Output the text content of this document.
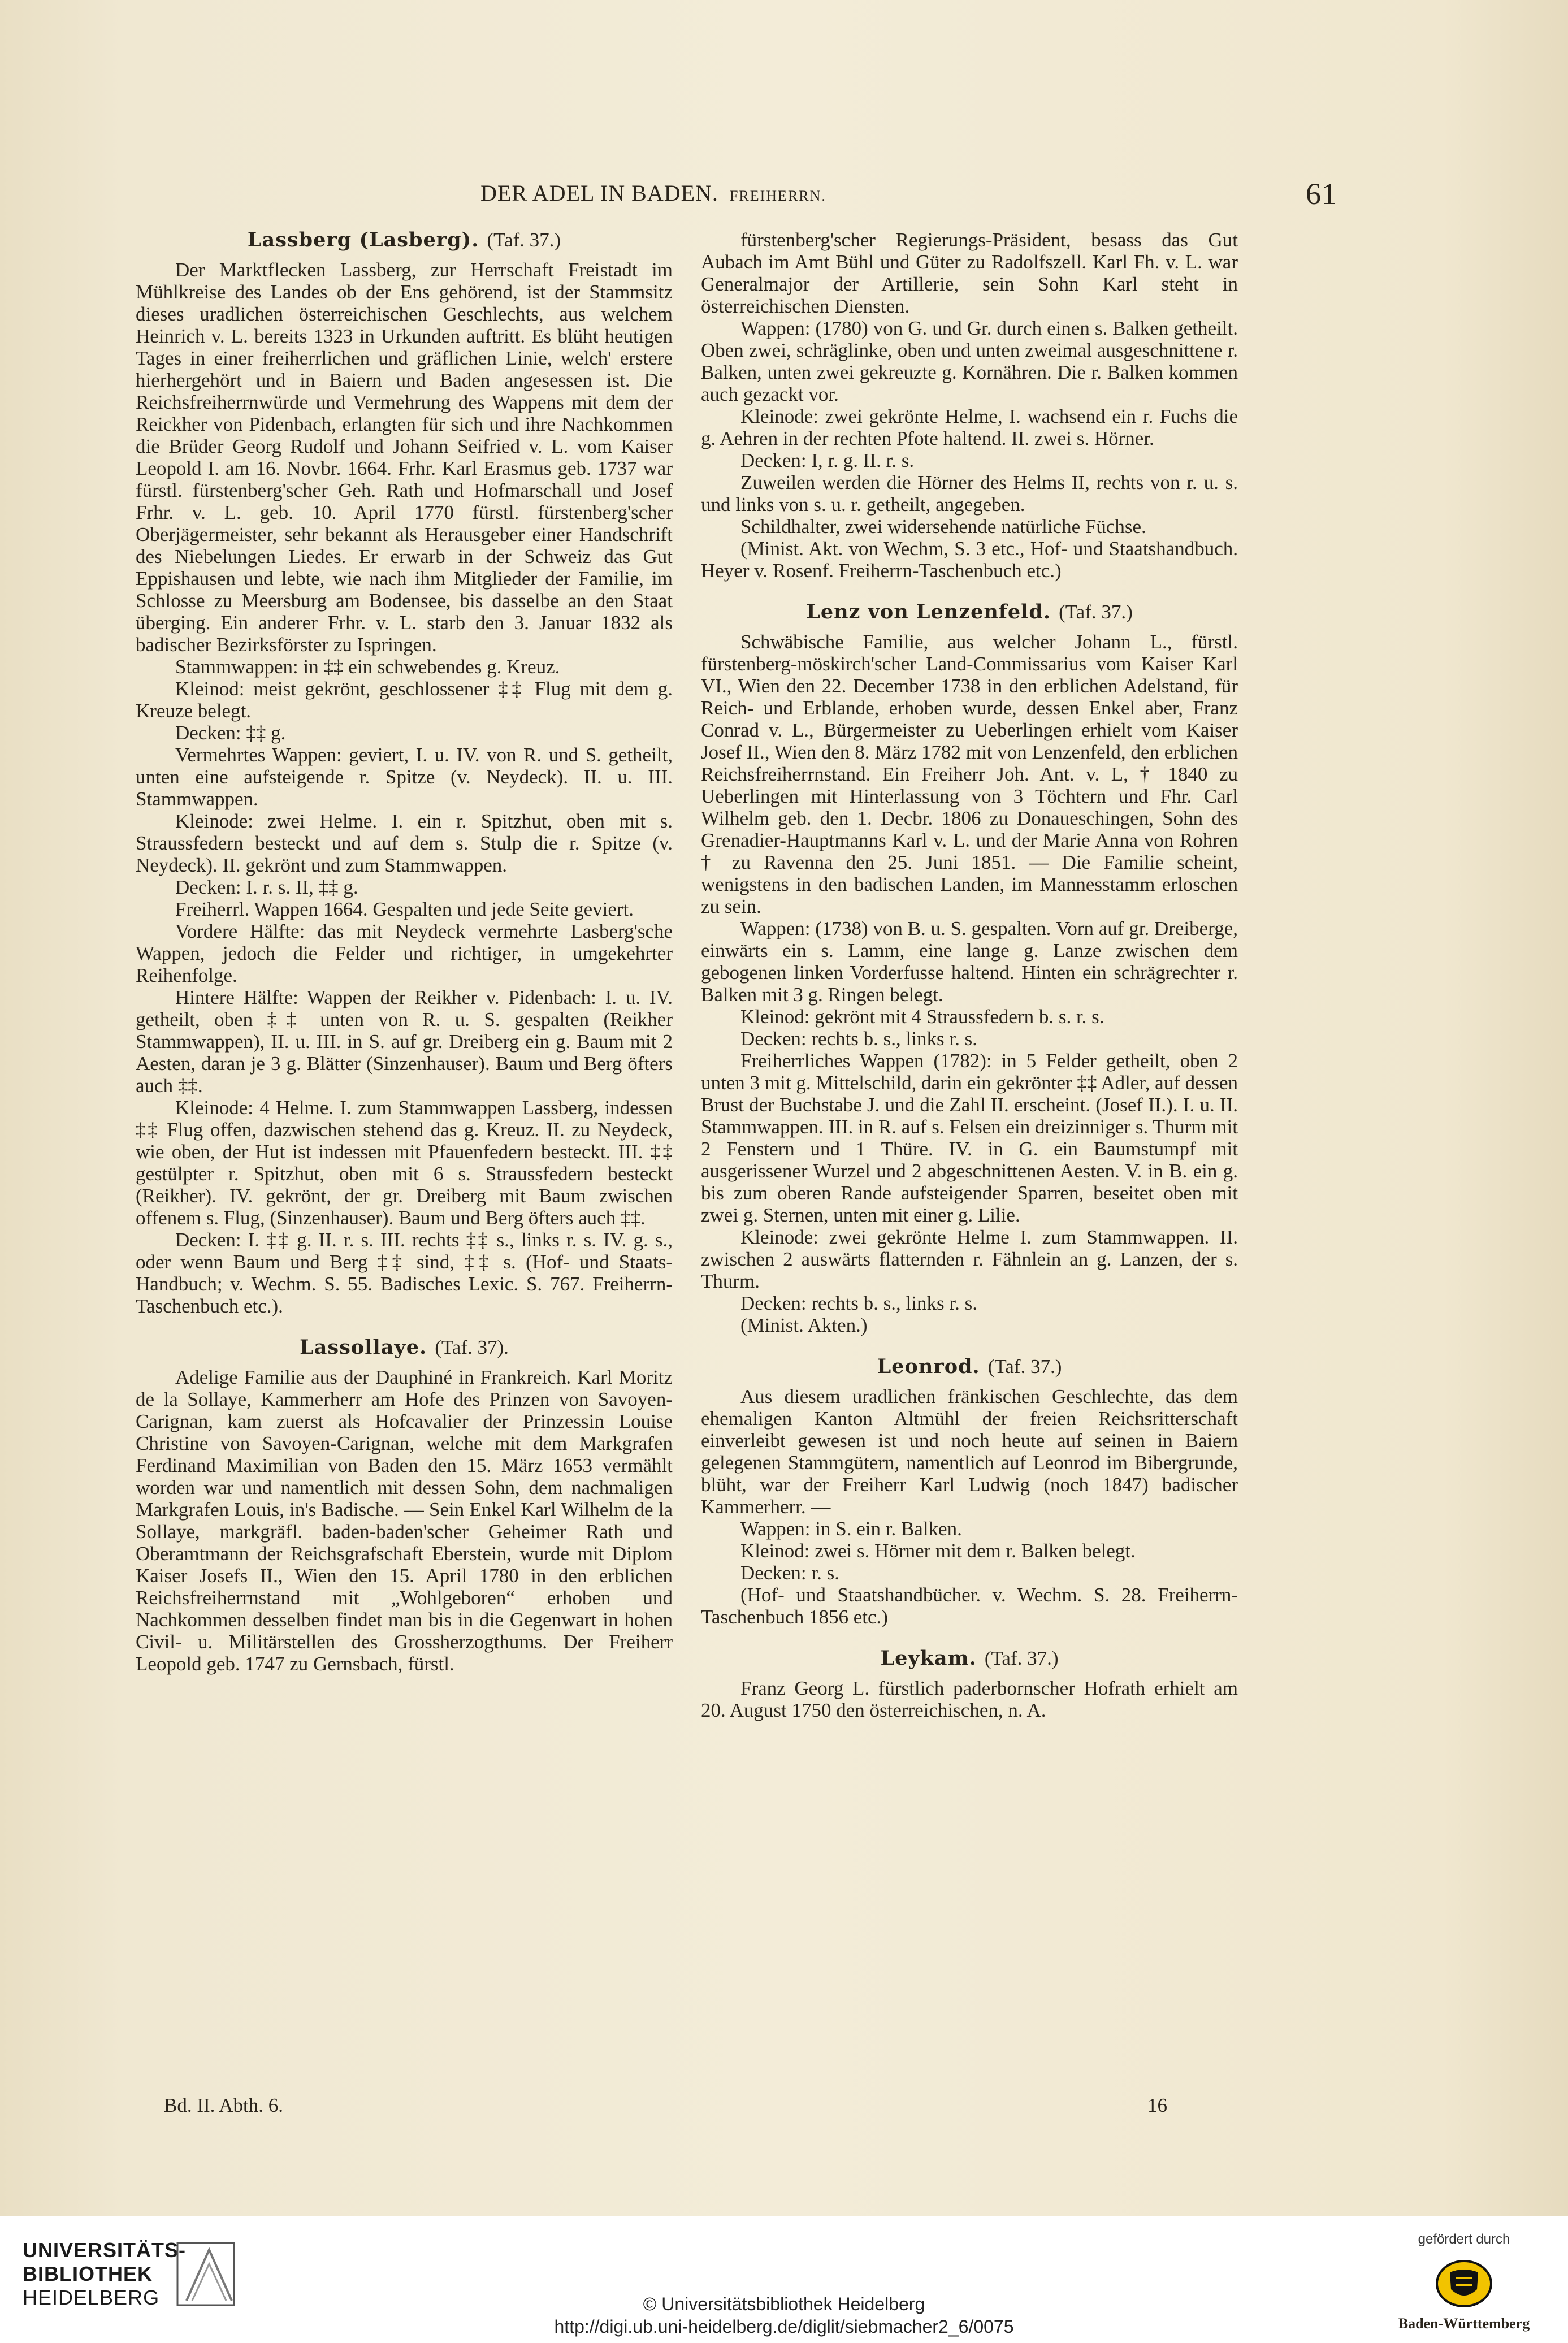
DER ADEL IN BADEN. FREIHERRN.	61
Lassberg (Lasberg). (Taf. 37.)

Der Marktflecken Lassberg, zur Herrschaft Freistadt im Mühlkreise des Landes ob der Ens gehörend, ist der Stammsitz dieses uradlichen österreichischen Geschlechts, aus welchem Heinrich v. L. bereits 1323 in Urkunden auftritt. Es blüht heutigen Tages in einer freiherrlichen und gräflichen Linie, welch' erstere hierhergehört und in Baiern und Baden angesessen ist. Die Reichsfreiherrnwürde und Vermehrung des Wappens mit dem der Reickher von Pidenbach, erlangten für sich und ihre Nachkommen die Brüder Georg Rudolf und Johann Seifried v. L. vom Kaiser Leopold I. am 16. Novbr. 1664. Frhr. Karl Erasmus geb. 1737 war fürstl. fürstenberg'scher Geh. Rath und Hofmarschall und Josef Frhr. v. L. geb. 10. April 1770 fürstl. fürstenberg'scher Oberjägermeister, sehr bekannt als Herausgeber einer Handschrift des Niebelungen Liedes. Er erwarb in der Schweiz das Gut Eppishausen und lebte, wie nach ihm Mitglieder der Familie, im Schlosse zu Meersburg am Bodensee, bis dasselbe an den Staat überging. Ein anderer Frhr. v. L. starb den 3. Januar 1832 als badischer Bezirksförster zu Ispringen.

Stammwappen: in ‡‡ ein schwebendes g. Kreuz.

Kleinod: meist gekrönt, geschlossener ‡‡ Flug mit dem g. Kreuze belegt.

Decken: ‡‡ g.

Vermehrtes Wappen: geviert, I. u. IV. von R. und S. getheilt, unten eine aufsteigende r. Spitze (v. Neydeck). II. u. III. Stammwappen.

Kleinode: zwei Helme. I. ein r. Spitzhut, oben mit s. Straussfedern besteckt und auf dem s. Stulp die r. Spitze (v. Neydeck). II. gekrönt und zum Stammwappen.

Decken: I. r. s. II, ‡‡ g.

Freiherrl. Wappen 1664. Gespalten und jede Seite geviert.

Vordere Hälfte: das mit Neydeck vermehrte Lasberg'sche Wappen, jedoch die Felder und richtiger, in umgekehrter Reihenfolge.

Hintere Hälfte: Wappen der Reikher v. Pidenbach: I. u. IV. getheilt, oben ‡‡ unten von R. u. S. gespalten (Reikher Stammwappen), II. u. III. in S. auf gr. Dreiberg ein g. Baum mit 2 Aesten, daran je 3 g. Blätter (Sinzenhauser). Baum und Berg öfters auch ‡‡.

Kleinode: 4 Helme. I. zum Stammwappen Lassberg, indessen ‡‡ Flug offen, dazwischen stehend das g. Kreuz. II. zu Neydeck, wie oben, der Hut ist indessen mit Pfauenfedern besteckt. III. ‡‡ gestülpter r. Spitzhut, oben mit 6 s. Straussfedern besteckt (Reikher). IV. gekrönt, der gr. Dreiberg mit Baum zwischen offenem s. Flug, (Sinzenhauser). Baum und Berg öfters auch ‡‡.

Decken: I. ‡‡ g. II. r. s. III. rechts ‡‡ s., links r. s. IV. g. s., oder wenn Baum und Berg ‡‡ sind, ‡‡ s. (Hof- und Staats-Handbuch; v. Wechm. S. 55. Badisches Lexic. S. 767. Freiherrn-Taschenbuch etc.).

Lassollaye. (Taf. 37).

Adelige Familie aus der Dauphiné in Frankreich. Karl Moritz de la Sollaye, Kammerherr am Hofe des Prinzen von Savoyen-Carignan, kam zuerst als Hofcavalier der Prinzessin Louise Christine von Savoyen-Carignan, welche mit dem Markgrafen Ferdinand Maximilian von Baden den 15. März 1653 vermählt worden war und namentlich mit dessen Sohn, dem nachmaligen Markgrafen Louis, in's Badische. — Sein Enkel Karl Wilhelm de la Sollaye, markgräfl. baden-baden'scher Geheimer Rath und Oberamtmann der Reichsgrafschaft Eberstein, wurde mit Diplom Kaiser Josefs II., Wien den 15. April 1780 in den erblichen Reichsfreiherrnstand mit „Wohlgeboren“ erhoben und Nachkommen desselben findet man bis in die Gegenwart in hohen Civil- u. Militärstellen des Grossherzogthums. Der Freiherr Leopold geb. 1747 zu Gernsbach, fürstl.

fürstenberg'scher Regierungs-Präsident, besass das Gut Aubach im Amt Bühl und Güter zu Radolfszell. Karl Fh. v. L. war Generalmajor der Artillerie, sein Sohn Karl steht in österreichischen Diensten.

Wappen: (1780) von G. und Gr. durch einen s. Balken getheilt. Oben zwei, schräglinke, oben und unten zweimal ausgeschnittene r. Balken, unten zwei gekreuzte g. Kornähren. Die r. Balken kommen auch gezackt vor.

Kleinode: zwei gekrönte Helme, I. wachsend ein r. Fuchs die g. Aehren in der rechten Pfote haltend. II. zwei s. Hörner.

Decken: I, r. g. II. r. s.

Zuweilen werden die Hörner des Helms II, rechts von r. u. s. und links von s. u. r. getheilt, angegeben.

Schildhalter, zwei widersehende natürliche Füchse.

(Minist. Akt. von Wechm, S. 3 etc., Hof- und Staatshandbuch. Heyer v. Rosenf. Freiherrn-Taschenbuch etc.)

Lenz von Lenzenfeld. (Taf. 37.)

Schwäbische Familie, aus welcher Johann L., fürstl. fürstenberg-möskirch'scher Land-Commissarius vom Kaiser Karl VI., Wien den 22. December 1738 in den erblichen Adelstand, für Reich- und Erblande, erhoben wurde, dessen Enkel aber, Franz Conrad v. L., Bürgermeister zu Ueberlingen erhielt vom Kaiser Josef II., Wien den 8. März 1782 mit von Lenzenfeld, den erblichen Reichsfreiherrnstand. Ein Freiherr Joh. Ant. v. L, † 1840 zu Ueberlingen mit Hinterlassung von 3 Töchtern und Fhr. Carl Wilhelm geb. den 1. Decbr. 1806 zu Donaueschingen, Sohn des Grenadier-Hauptmanns Karl v. L. und der Marie Anna von Rohren † zu Ravenna den 25. Juni 1851. — Die Familie scheint, wenigstens in den badischen Landen, im Mannesstamm erloschen zu sein.

Wappen: (1738) von B. u. S. gespalten. Vorn auf gr. Dreiberge, einwärts ein s. Lamm, eine lange g. Lanze zwischen dem gebogenen linken Vorderfusse haltend. Hinten ein schrägrechter r. Balken mit 3 g. Ringen belegt.

Kleinod: gekrönt mit 4 Straussfedern b. s. r. s.

Decken: rechts b. s., links r. s.

Freiherrliches Wappen (1782): in 5 Felder getheilt, oben 2 unten 3 mit g. Mittelschild, darin ein gekrönter ‡‡ Adler, auf dessen Brust der Buchstabe J. und die Zahl II. erscheint. (Josef II.). I. u. II. Stammwappen. III. in R. auf s. Felsen ein dreizinniger s. Thurm mit 2 Fenstern und 1 Thüre. IV. in G. ein Baumstumpf mit ausgerissener Wurzel und 2 abgeschnittenen Aesten. V. in B. ein g. bis zum oberen Rande aufsteigender Sparren, beseitet oben mit zwei g. Sternen, unten mit einer g. Lilie.

Kleinode: zwei gekrönte Helme I. zum Stammwappen. II. zwischen 2 auswärts flatternden r. Fähnlein an g. Lanzen, der s. Thurm.

Decken: rechts b. s., links r. s.

(Minist. Akten.)

Leonrod. (Taf. 37.)

Aus diesem uradlichen fränkischen Geschlechte, das dem ehemaligen Kanton Altmühl der freien Reichsritterschaft einverleibt gewesen ist und noch heute auf seinen in Baiern gelegenen Stammgütern, namentlich auf Leonrod im Bibergrunde, blüht, war der Freiherr Karl Ludwig (noch 1847) badischer Kammerherr. —

Wappen: in S. ein r. Balken.

Kleinod: zwei s. Hörner mit dem r. Balken belegt.

Decken: r. s.

(Hof- und Staatshandbücher. v. Wechm. S. 28. Freiherrn-Taschenbuch 1856 etc.)

Leykam. (Taf. 37.)

Franz Georg L. fürstlich paderbornscher Hofrath erhielt am 20. August 1750 den österreichischen, n. A.

Bd. II. Abth. 6.	16
UNIVERSITÄTS-
BIBLIOTHEK
HEIDELBERG	© Universitätsbibliothek Heidelberg
http://digi.ub.uni-heidelberg.de/diglit/siebmacher2_6/0075
gefördert durch
Baden-Württemberg
